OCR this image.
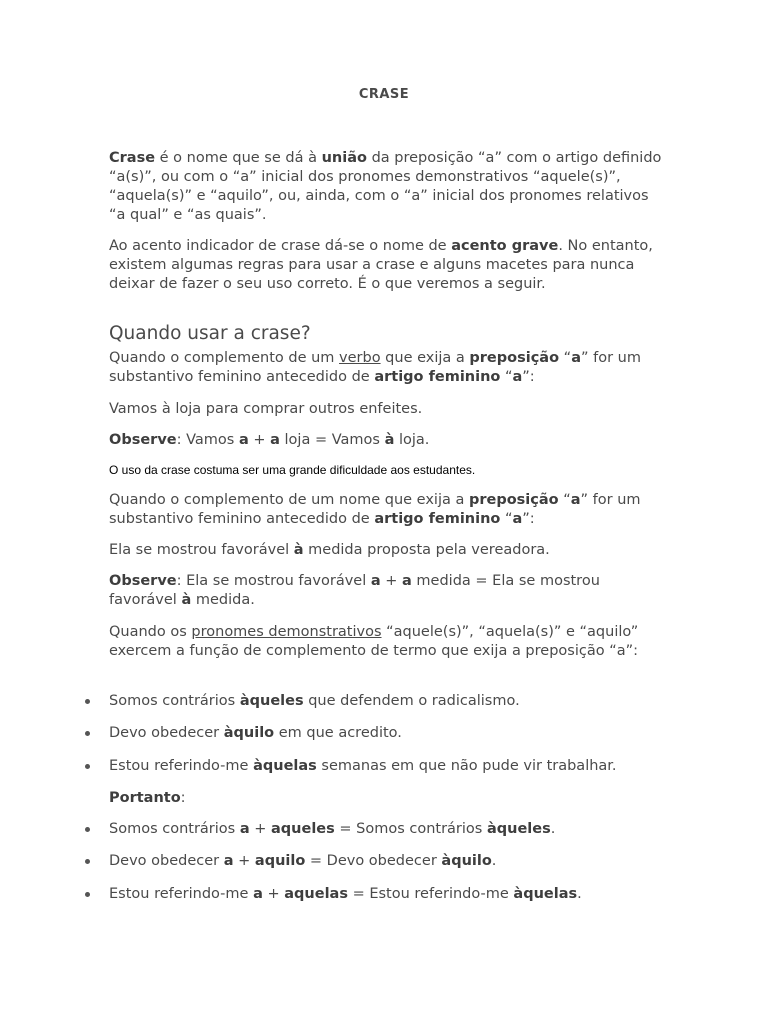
CRASE

Crase é o nome que se dá à união da preposição “a” com o artigo definido “a(s)”, ou com o “a” inicial dos pronomes demonstrativos “aquele(s)”, “aquela(s)” e “aquilo”, ou, ainda, com o “a” inicial dos pronomes relativos “a qual” e “as quais”.

Ao acento indicador de crase dá-se o nome de acento grave. No entanto, existem algumas regras para usar a crase e alguns macetes para nunca deixar de fazer o seu uso correto. É o que veremos a seguir.

Quando usar a crase?

Quando o complemento de um verbo que exija a preposição “a” for um substantivo feminino antecedido de artigo feminino “a”:

Vamos à loja para comprar outros enfeites.

Observe: Vamos a + a loja = Vamos à loja.

O uso da crase costuma ser uma grande dificuldade aos estudantes.

Quando o complemento de um nome que exija a preposição “a” for um substantivo feminino antecedido de artigo feminino “a”:

Ela se mostrou favorável à medida proposta pela vereadora.

Observe: Ela se mostrou favorável a + a medida = Ela se mostrou favorável à medida.

Quando os pronomes demonstrativos “aquele(s)”, “aquela(s)” e “aquilo” exercem a função de complemento de termo que exija a preposição “a”:

Somos contrários àqueles que defendem o radicalismo.
Devo obedecer àquilo em que acredito.
Estou referindo-me àquelas semanas em que não pude vir trabalhar.

Portanto:

Somos contrários a + aqueles = Somos contrários àqueles.
Devo obedecer a + aquilo = Devo obedecer àquilo.
Estou referindo-me a + aquelas = Estou referindo-me àquelas.
